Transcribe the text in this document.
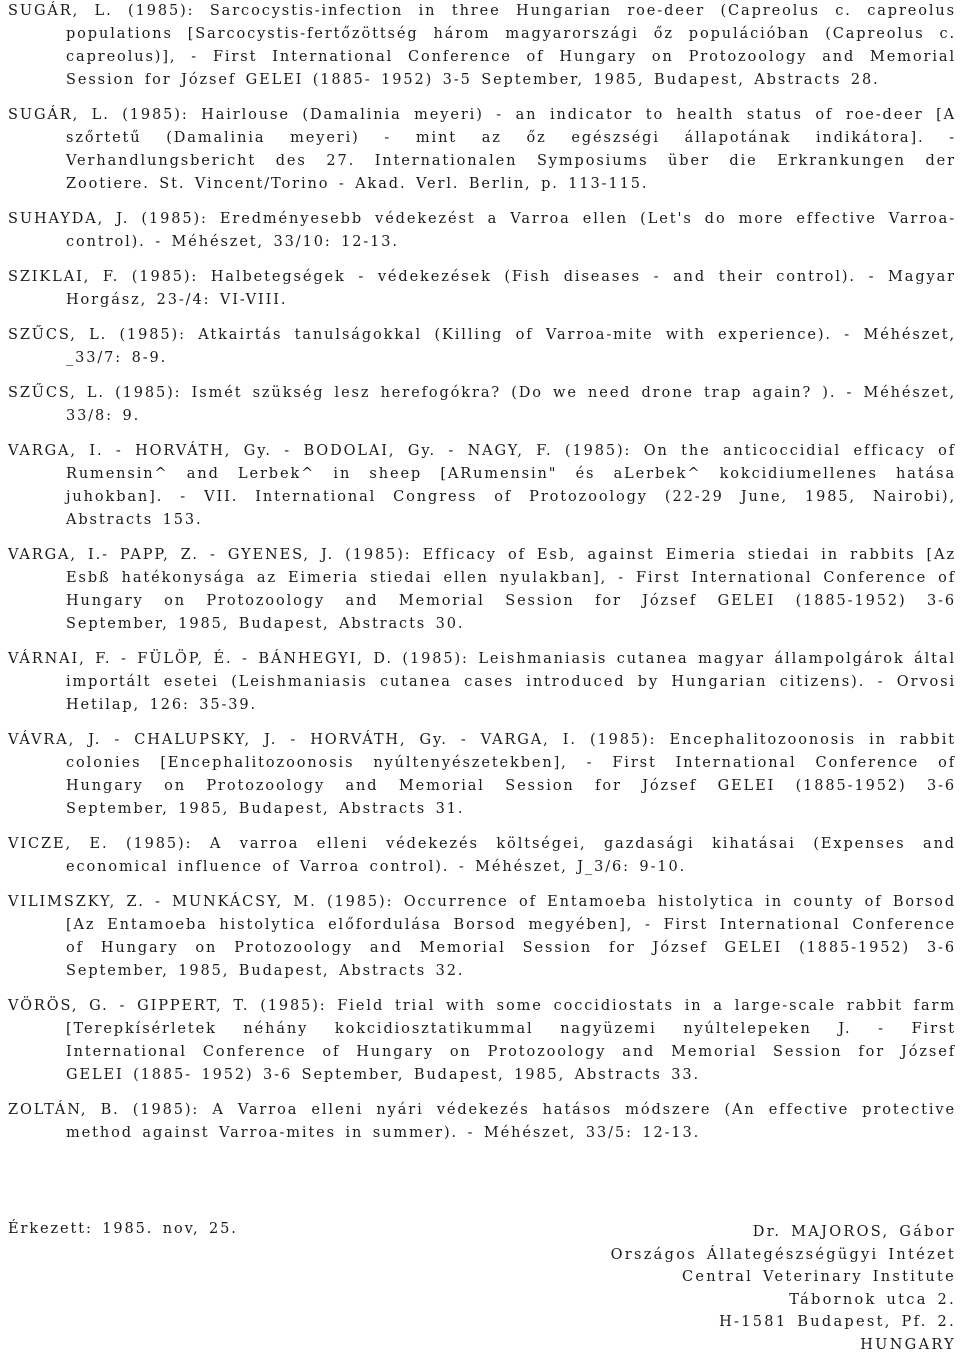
SUGÁR, L. (1985): Sarcocystis-infection in three Hungarian roe-deer (Capreolus c. capreolus populations [Sarcocystis-fertőzöttség három magyarországi őz populációban (Capreolus c. capreolus)], - First International Conference of Hungary on Protozoology and Memorial Session for József GELEI (1885- 1952) 3-5 September, 1985, Budapest, Abstracts 28.

SUGÁR, L. (1985): Hairlouse (Damalinia meyeri) - an indicator to health status of roe-deer [A szőrtetű (Damalinia meyeri) - mint az őz egészségi állapotának indikátora]. - Verhandlungsbericht des 27. Internationalen Symposiums über die Erkrankungen der Zootiere. St. Vincent/Torino - Akad. Verl. Berlin, p. 113-115.

SUHAYDA, J. (1985): Eredményesebb védekezést a Varroa ellen (Let's do more effective Varroa-control). - Méhészet, 33/10: 12-13.

SZIKLAI, F. (1985): Halbetegségek - védekezések (Fish diseases - and their control). - Magyar Horgász, 23-/4: VI-VIII.

SZŰCS, L. (1985): Atkairtás tanulságokkal (Killing of Varroa-mite with experience). - Méhészet, _33/7: 8-9.

SZŰCS, L. (1985): Ismét szükség lesz herefogókra? (Do we need drone trap again? ). - Méhészet, 33/8: 9.

VARGA, I. - HORVÁTH, Gy. - BODOLAI, Gy. - NAGY, F. (1985): On the anticoccidial efficacy of Rumensin^ and Lerbek^ in sheep [ARumensin" és aLerbek^ kokcidiumellenes hatása juhokban]. - VII. International Congress of Protozoology (22-29 June, 1985, Nairobi), Abstracts 153.

VARGA, I.- PAPP, Z. - GYENES, J. (1985): Efficacy of Esb, against Eimeria stiedai in rabbits [Az Esbß hatékonysága az Eimeria stiedai ellen nyulakban], - First International Conference of Hungary on Protozoology and Memorial Session for József GELEI (1885-1952) 3-6 September, 1985, Budapest, Abstracts 30.

VÁRNAI, F. - FÜLÖP, É. - BÁNHEGYI, D. (1985): Leishmaniasis cutanea magyar állampolgárok által importált esetei (Leishmaniasis cutanea cases introduced by Hungarian citizens). - Orvosi Hetilap, 126: 35-39.

VÁVRA, J. - CHALUPSKY, J. - HORVÁTH, Gy. - VARGA, I. (1985): Encephalitozoonosis in rabbit colonies [Encephalitozoonosis nyúltenyészetekben], - First International Conference of Hungary on Protozoology and Memorial Session for József GELEI (1885-1952) 3-6 September, 1985, Budapest, Abstracts 31.

VICZE, E. (1985): A varroa elleni védekezés költségei, gazdasági kihatásai (Expenses and economical influence of Varroa control). - Méhészet, J_3/6: 9-10.

VILIMSZKY, Z. - MUNKÁCSY, M. (1985): Occurrence of Entamoeba histolytica in county of Borsod [Az Entamoeba histolytica előfordulása Borsod megyében], - First International Conference of Hungary on Protozoology and Memorial Session for József GELEI (1885-1952) 3-6 September, 1985, Budapest, Abstracts 32.

VÖRÖS, G. - GIPPERT, T. (1985): Field trial with some coccidiostats in a large-scale rabbit farm [Terepkísérletek néhány kokcidiosztatikummal nagyüzemi nyúltelepeken J. - First International Conference of Hungary on Protozoology and Memorial Session for József GELEI (1885- 1952) 3-6 September, Budapest, 1985, Abstracts 33.

ZOLTÁN, B. (1985): A Varroa elleni nyári védekezés hatásos módszere (An effective protective method against Varroa-mites in summer). - Méhészet, 33/5: 12-13.

Érkezett: 1985. nov, 25.	Dr. MAJOROS, Gábor
Országos Állategészségügyi Intézet
Central Veterinary Institute
Tábornok utca 2.
H-1581 Budapest, Pf. 2.
HUNGARY
